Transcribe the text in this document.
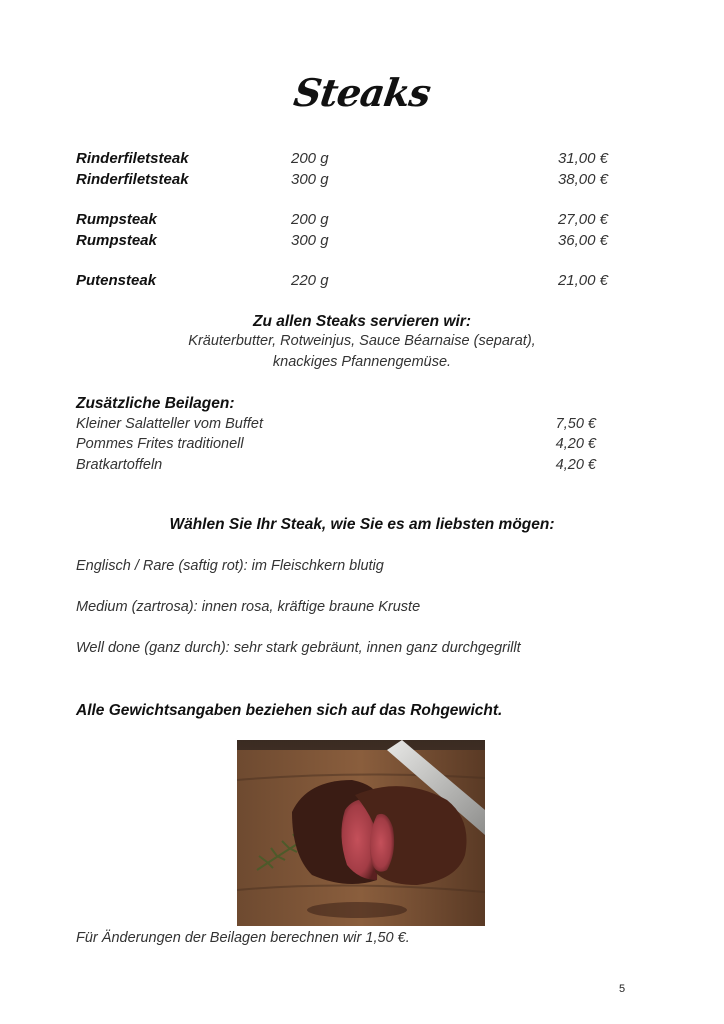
Steaks
Rinderfiletsteak	200 g	31,00 €
Rinderfiletsteak	300 g	38,00 €
Rumpsteak	200 g	27,00 €
Rumpsteak	300 g	36,00 €
Putensteak	220 g	21,00 €
Zu allen Steaks servieren wir:
Kräuterbutter, Rotweinjus, Sauce Béarnaise (separat),
knackiges Pfannengemüse.
Zusätzliche Beilagen:
Kleiner Salatteller vom Buffet	7,50 €
Pommes Frites traditionell	4,20 €
Bratkartoffeln	4,20 €
Wählen Sie Ihr Steak, wie Sie es am liebsten mögen:
Englisch / Rare (saftig rot): im Fleischkern blutig
Medium (zartrosa): innen rosa, kräftige braune Kruste
Well done (ganz durch): sehr stark gebräunt, innen ganz durchgegrillt
Alle Gewichtsangaben beziehen sich auf das Rohgewicht.
Für Änderungen der Beilagen berechnen wir 1,50 €.
5
